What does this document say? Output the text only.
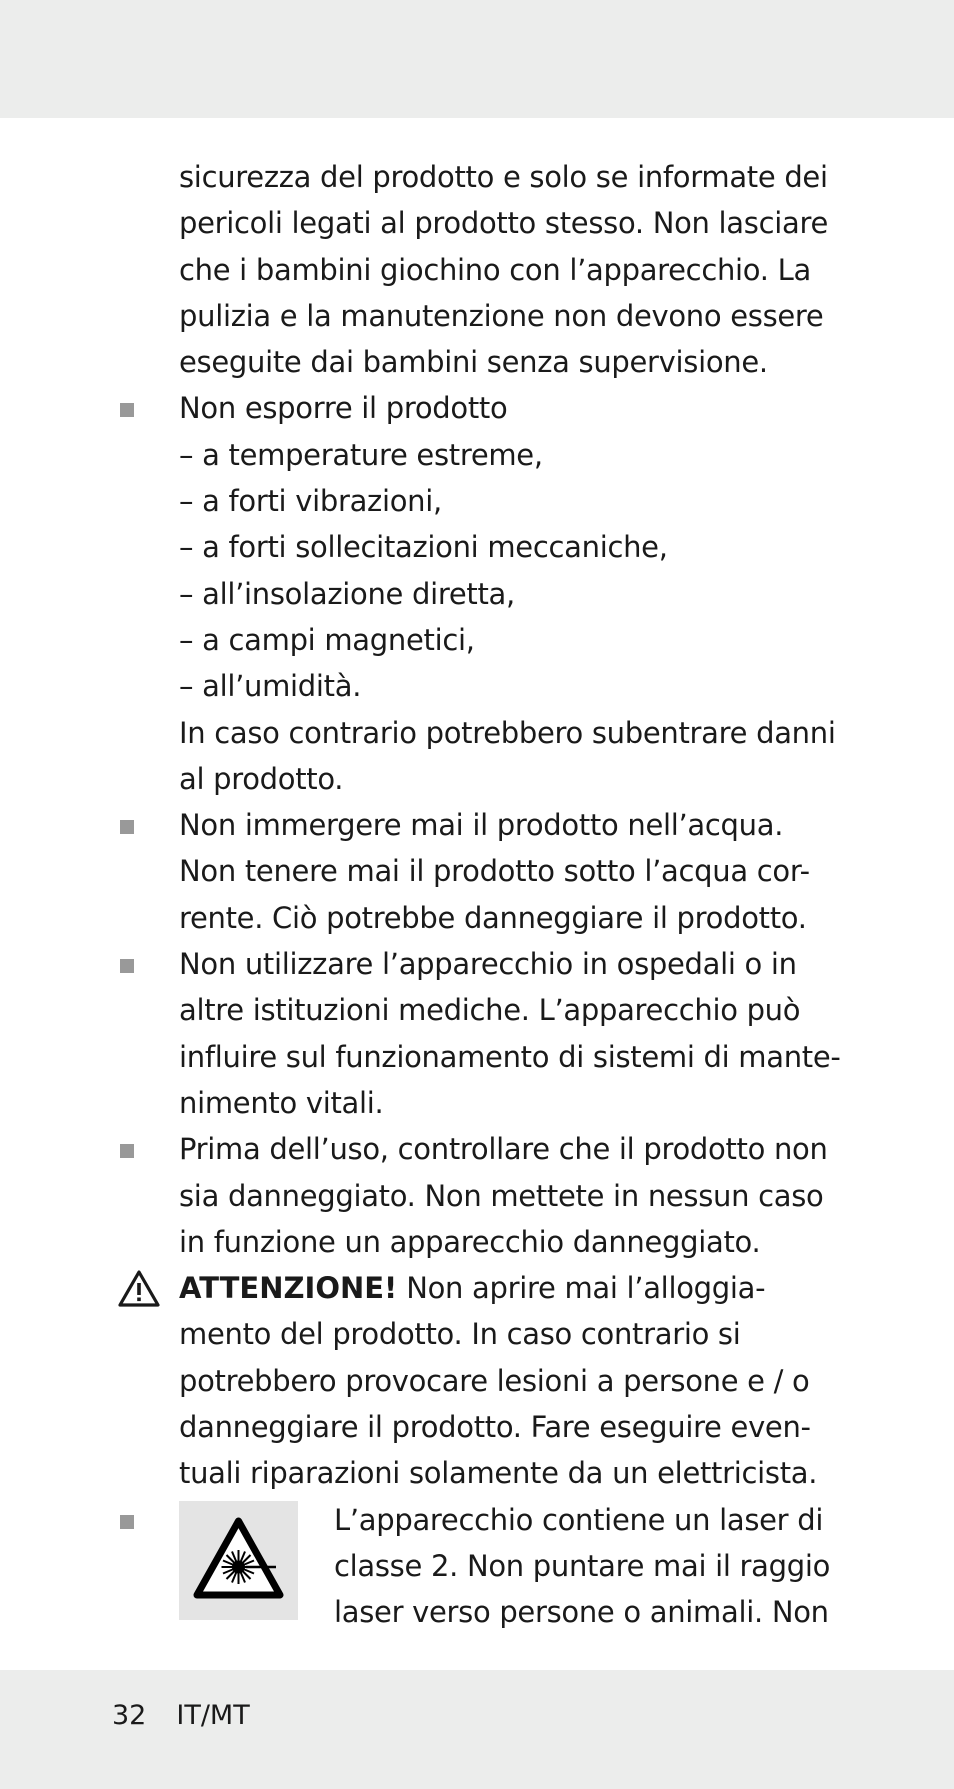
sicurezza del prodotto e solo se informate dei
pericoli legati al prodotto stesso. Non lasciare
che i bambini giochino con l’apparecchio. La
pulizia e la manutenzione non devono essere
eseguite dai bambini senza supervisione.
Non esporre il prodotto
– a temperature estreme,
– a forti vibrazioni,
– a forti sollecitazioni meccaniche,
– all’insolazione diretta,
– a campi magnetici,
– all’umidità.
In caso contrario potrebbero subentrare danni
al prodotto.
Non immergere mai il prodotto nell’acqua.
Non tenere mai il prodotto sotto l’acqua cor-
rente. Ciò potrebbe danneggiare il prodotto.
Non utilizzare l’apparecchio in ospedali o in
altre istituzioni mediche. L’apparecchio può
influire sul funzionamento di sistemi di mante-
nimento vitali.
Prima dell’uso, controllare che il prodotto non
sia danneggiato. Non mettete in nessun caso
in funzione un apparecchio danneggiato.
ATTENZIONE! Non aprire mai l’alloggia-
mento del prodotto. In caso contrario si
potrebbero provocare lesioni a persone e / o
danneggiare il prodotto. Fare eseguire even-
tuali riparazioni solamente da un elettricista.
L’apparecchio contiene un laser di
classe 2. Non puntare mai il raggio
laser verso persone o animali. Non
32 IT/MT
